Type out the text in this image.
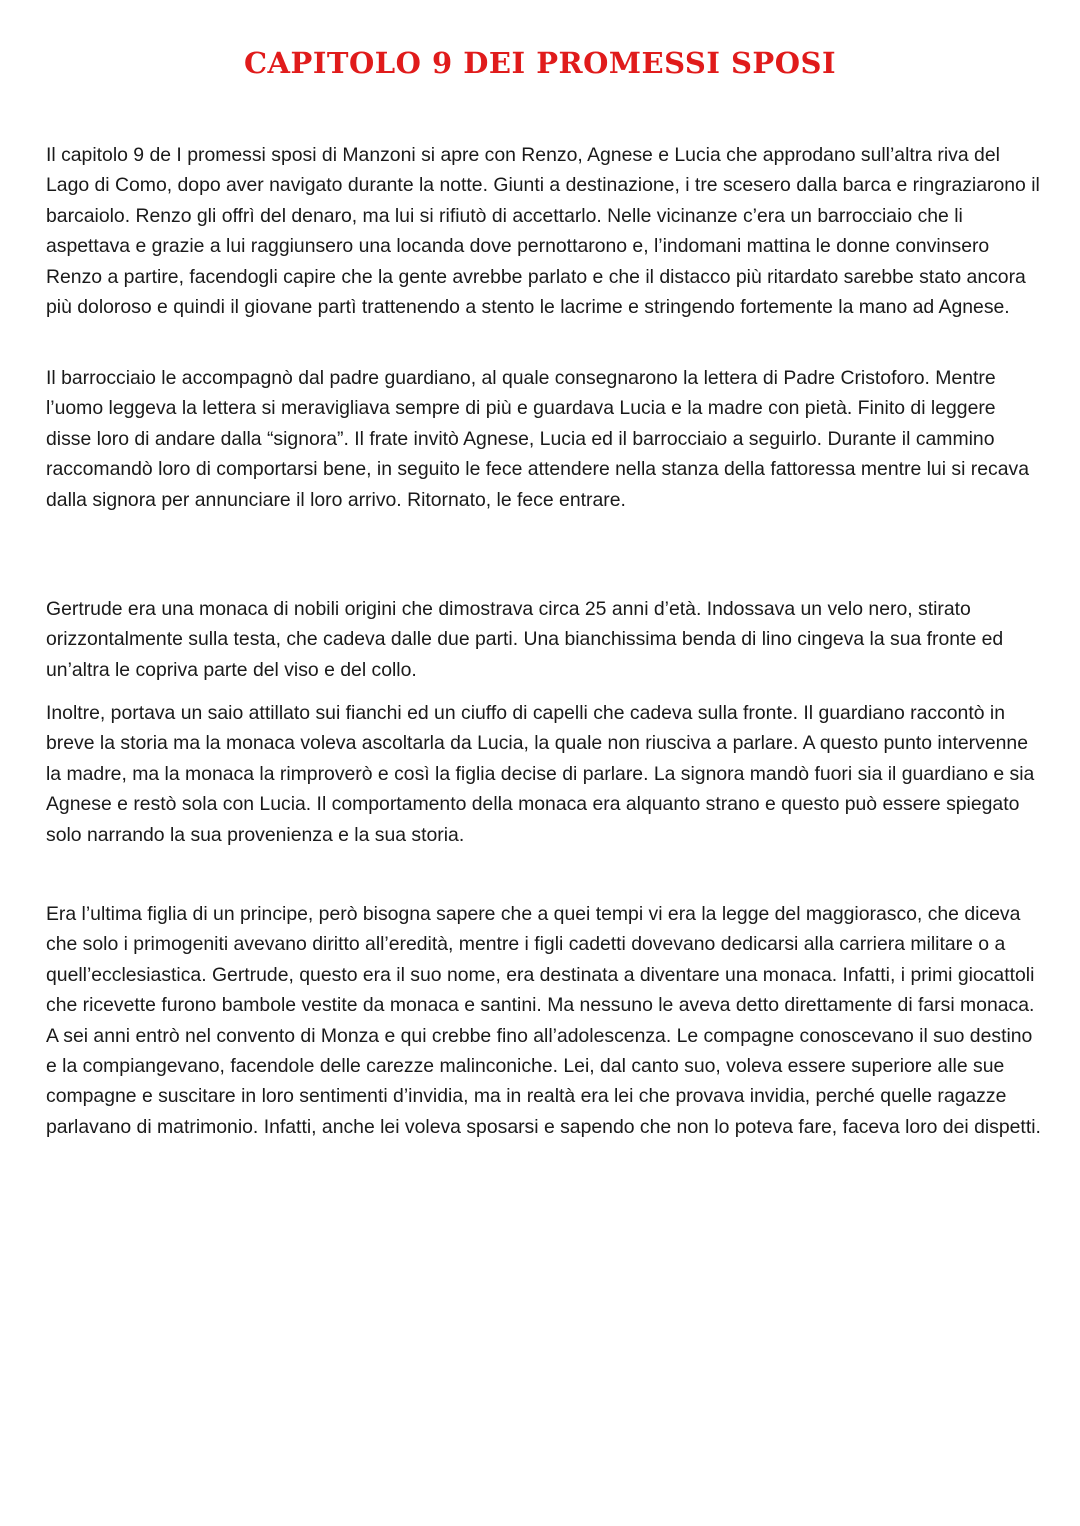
CAPITOLO 9 DEI PROMESSI SPOSI

Il capitolo 9 de I promessi sposi di Manzoni si apre con Renzo, Agnese e Lucia che approdano sull’altra riva del Lago di Como, dopo aver navigato durante la notte. Giunti a destinazione, i tre scesero dalla barca e ringraziarono il barcaiolo. Renzo gli offrì del denaro, ma lui si rifiutò di accettarlo. Nelle vicinanze c’era un barrocciaio che li aspettava e grazie a lui raggiunsero una locanda dove pernottarono e, l’indomani mattina le donne convinsero Renzo a partire, facendogli capire che la gente avrebbe parlato e che il distacco più ritardato sarebbe stato ancora più doloroso e quindi il giovane partì trattenendo a stento le lacrime e stringendo fortemente la mano ad Agnese.

Il barrocciaio le accompagnò dal padre guardiano, al quale consegnarono la lettera di Padre Cristoforo. Mentre l’uomo leggeva la lettera si meravigliava sempre di più e guardava Lucia e la madre con pietà. Finito di leggere disse loro di andare dalla “signora”. Il frate invitò Agnese, Lucia ed il barrocciaio a seguirlo. Durante il cammino raccomandò loro di comportarsi bene, in seguito le fece attendere nella stanza della fattoressa mentre lui si recava dalla signora per annunciare il loro arrivo. Ritornato, le fece entrare.

Gertrude era una monaca di nobili origini che dimostrava circa 25 anni d’età. Indossava un velo nero, stirato orizzontalmente sulla testa, che cadeva dalle due parti. Una bianchissima benda di lino cingeva la sua fronte ed un’altra le copriva parte del viso e del collo.

Inoltre, portava un saio attillato sui fianchi ed un ciuffo di capelli che cadeva sulla fronte. Il guardiano raccontò in breve la storia ma la monaca voleva ascoltarla da Lucia, la quale non riusciva a parlare. A questo punto intervenne la madre, ma la monaca la rimproverò e così la figlia decise di parlare. La signora mandò fuori sia il guardiano e sia Agnese e restò sola con Lucia. Il comportamento della monaca era alquanto strano e questo può essere spiegato solo narrando la sua provenienza e la sua storia.

Era l’ultima figlia di un principe, però bisogna sapere che a quei tempi vi era la legge del maggiorasco, che diceva che solo i primogeniti avevano diritto all’eredità, mentre i figli cadetti dovevano dedicarsi alla carriera militare o a quell’ecclesiastica. Gertrude, questo era il suo nome, era destinata a diventare una monaca. Infatti, i primi giocattoli che ricevette furono bambole vestite da monaca e santini. Ma nessuno le aveva detto direttamente di farsi monaca. A sei anni entrò nel convento di Monza e qui crebbe fino all’adolescenza. Le compagne conoscevano il suo destino e la compiangevano, facendole delle carezze malinconiche. Lei, dal canto suo, voleva essere superiore alle sue compagne e suscitare in loro sentimenti d’invidia, ma in realtà era lei che provava invidia, perché quelle ragazze parlavano di matrimonio. Infatti, anche lei voleva sposarsi e sapendo che non lo poteva fare, faceva loro dei dispetti.
